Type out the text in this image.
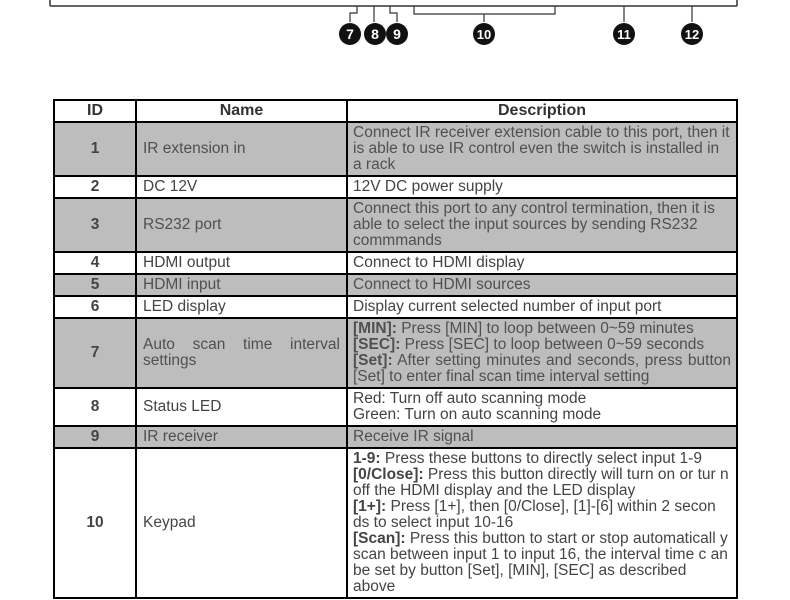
7 8 9	10	11	12
ID	Name	Description
1	IR extension in	Connect IR receiver extension cable to this port, then it is able to use IR control even the switch is installed in a rack
2	DC 12V	12V DC power supply
3	RS232 port	Connect this port to any control termination, then it is able to select the input sources by sending RS232 commmands
4	HDMI output	Connect to HDMI display
5	HDMI input	Connect to HDMI sources
6	LED display	Display current selected number of input port
7	Auto scan time interval settings	[MIN]: Press [MIN] to loop between 0~59 minutes
[SEC]: Press [SEC] to loop between 0~59 seconds
[Set]: After setting minutes and seconds, press button [Set] to enter final scan time interval setting
8	Status LED	Red: Turn off auto scanning mode
Green: Turn on auto scanning mode

9	IR receiver	Receive IR signal
10	Keypad	1-9: Press these buttons to directly select input 1-9
[0/Close]: Press this button directly will turn on or tur n off the HDMI display and the LED display
[1+]: Press [1+], then [0/Close], [1]-[6] within 2 secon ds to select input 10-16
[Scan]: Press this button to start or stop automaticall y scan between input 1 to input 16, the interval time c an be set by button [Set], [MIN], [SEC] as described above
